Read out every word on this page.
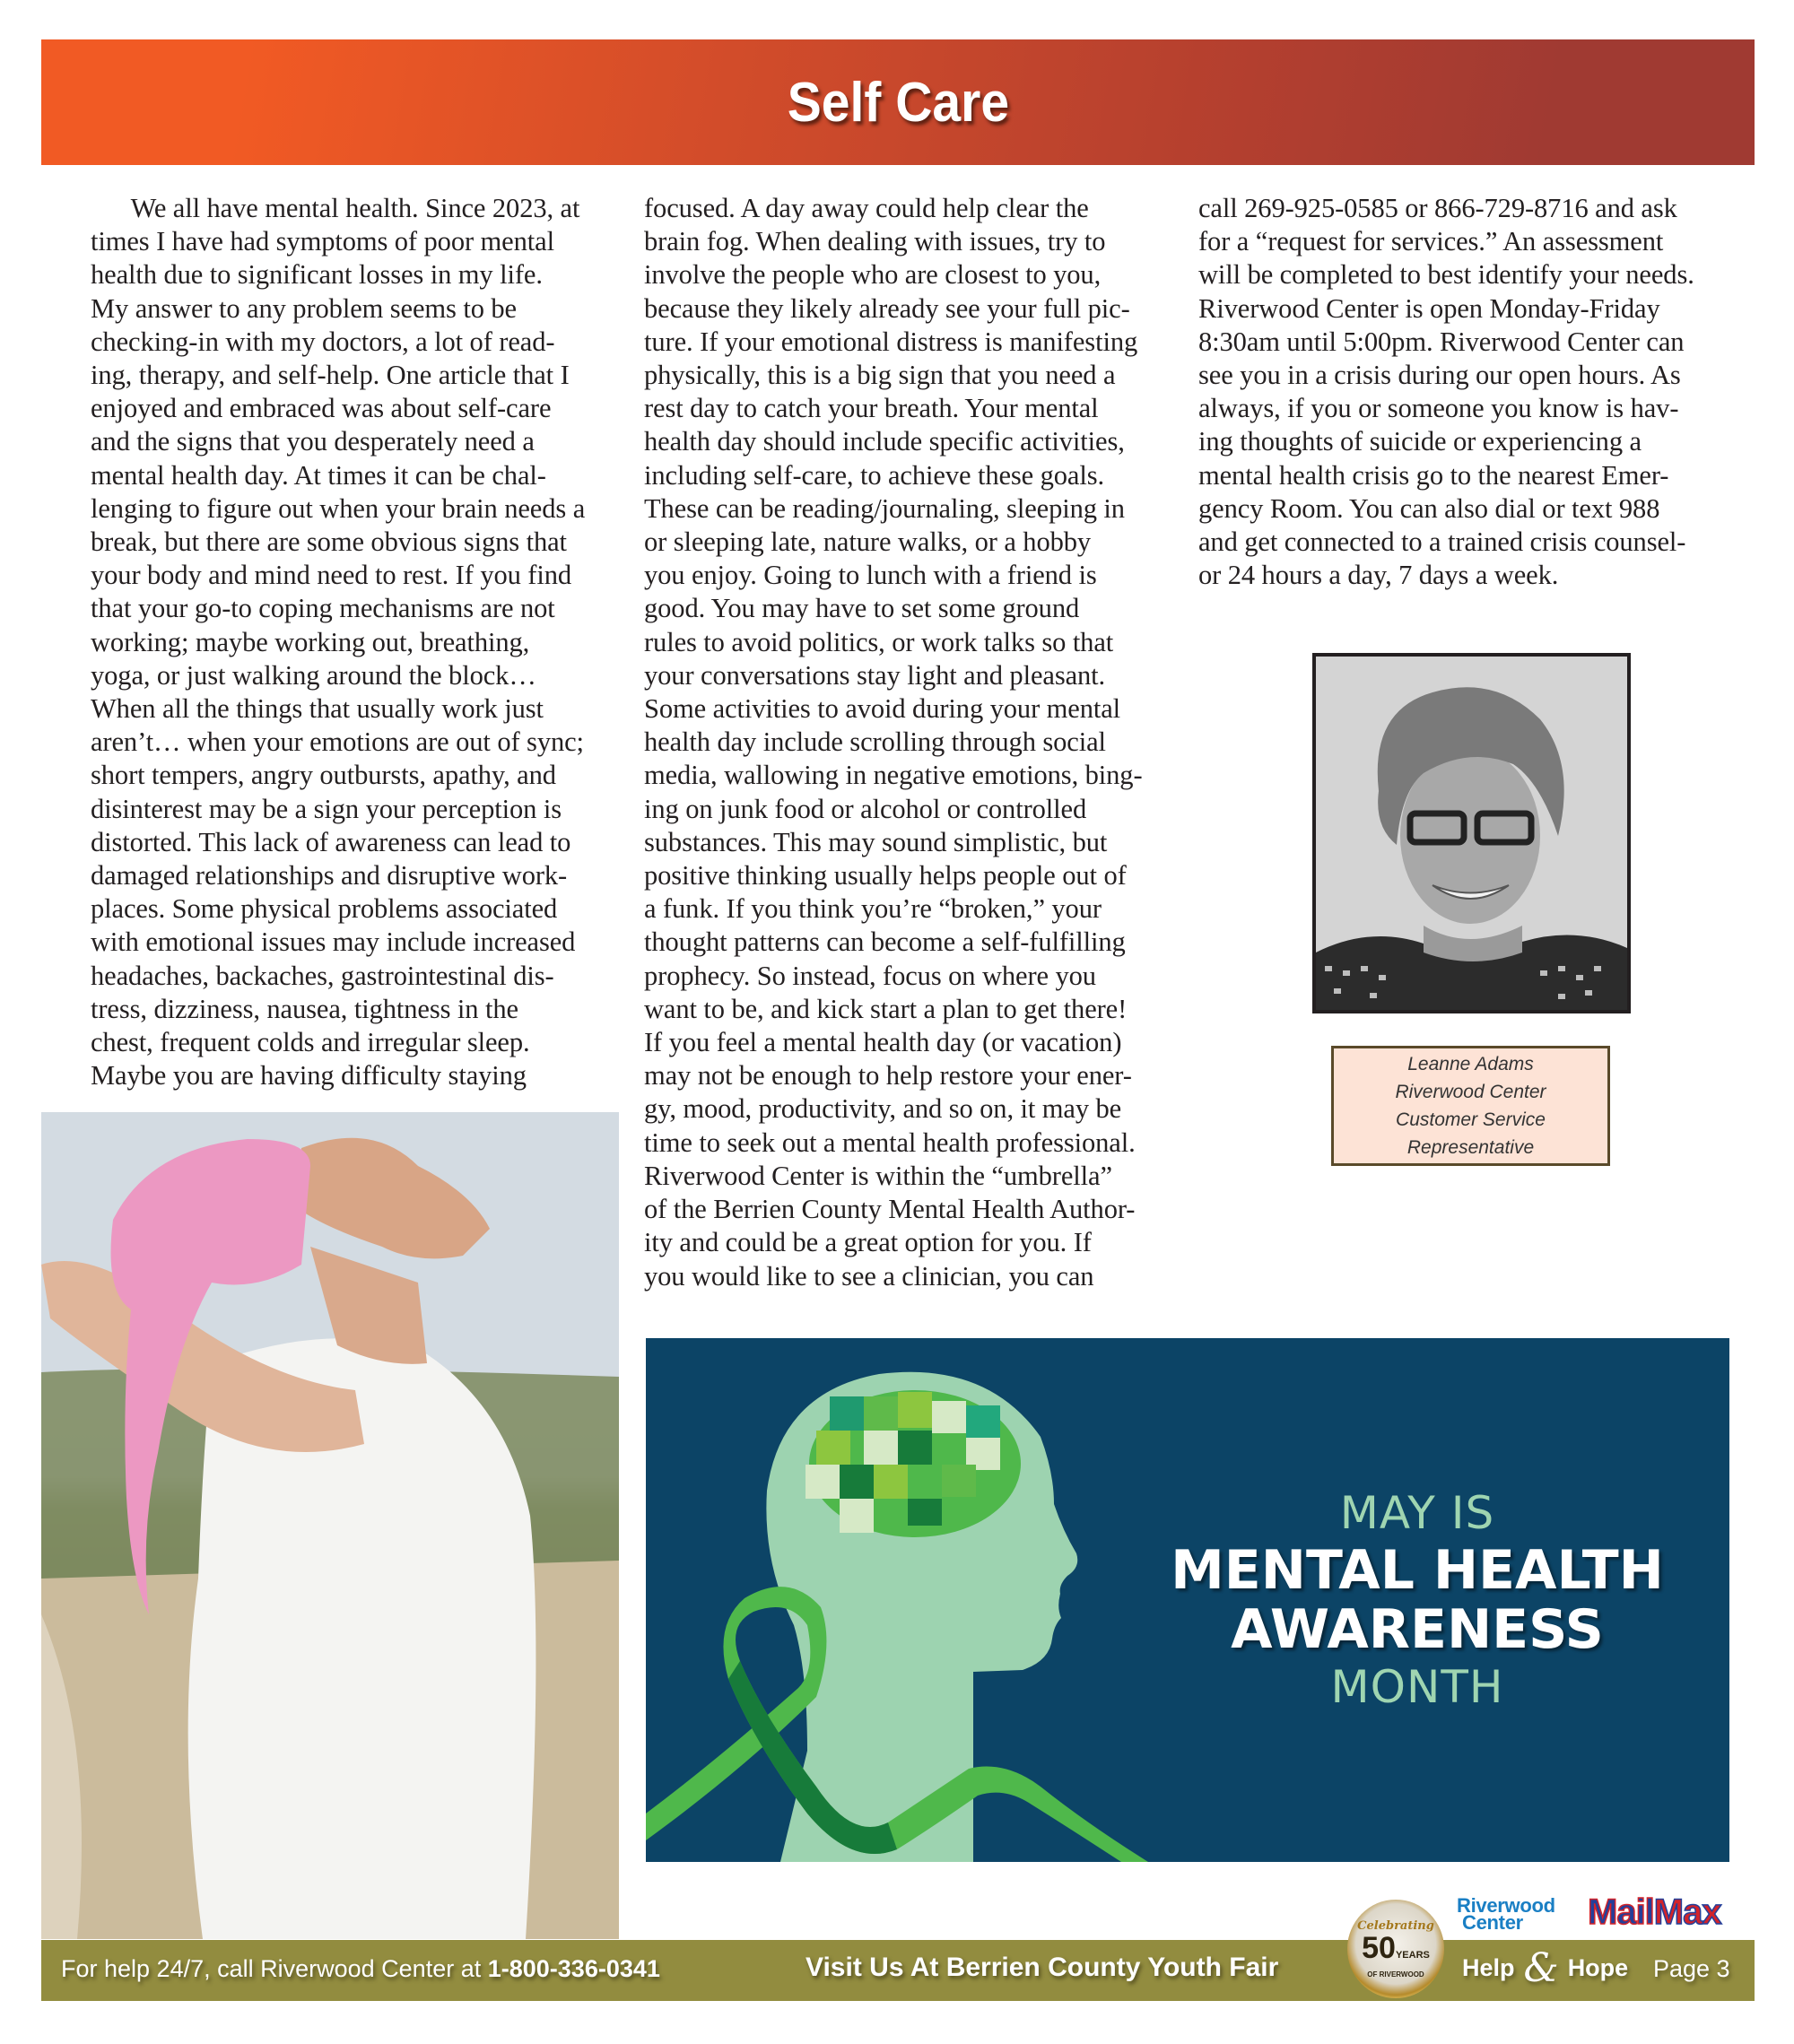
Self Care
We all have mental health. Since 2023, at
times I have had symptoms of poor mental
health due to significant losses in my life.
My answer to any problem seems to be
checking-in with my doctors, a lot of read-
ing, therapy, and self-help. One article that I
enjoyed and embraced was about self-care
and the signs that you desperately need a
mental health day. At times it can be chal-
lenging to figure out when your brain needs a
break, but there are some obvious signs that
your body and mind need to rest. If you find
that your go-to coping mechanisms are not
working; maybe working out, breathing,
yoga, or just walking around the block…
When all the things that usually work just
aren’t… when your emotions are out of sync;
short tempers, angry outbursts, apathy, and
disinterest may be a sign your perception is
distorted. This lack of awareness can lead to
damaged relationships and disruptive work-
places. Some physical problems associated
with emotional issues may include increased
headaches, backaches, gastrointestinal dis-
tress, dizziness, nausea, tightness in the
chest, frequent colds and irregular sleep.
Maybe you are having difficulty staying
focused. A day away could help clear the
brain fog. When dealing with issues, try to
involve the people who are closest to you,
because they likely already see your full pic-
ture. If your emotional distress is manifesting
physically, this is a big sign that you need a
rest day to catch your breath. Your mental
health day should include specific activities,
including self-care, to achieve these goals.
These can be reading/journaling, sleeping in
or sleeping late, nature walks, or a hobby
you enjoy. Going to lunch with a friend is
good. You may have to set some ground
rules to avoid politics, or work talks so that
your conversations stay light and pleasant.
Some activities to avoid during your mental
health day include scrolling through social
media, wallowing in negative emotions, bing-
ing on junk food or alcohol or controlled
substances. This may sound simplistic, but
positive thinking usually helps people out of
a funk. If you think you’re “broken,” your
thought patterns can become a self-fulfilling
prophecy. So instead, focus on where you
want to be, and kick start a plan to get there!
If you feel a mental health day (or vacation)
may not be enough to help restore your ener-
gy, mood, productivity, and so on, it may be
time to seek out a mental health professional.
Riverwood Center is within the “umbrella”
of the Berrien County Mental Health Author-
ity and could be a great option for you. If
you would like to see a clinician, you can
call 269-925-0585 or 866-729-8716 and ask
for a “request for services.” An assessment
will be completed to best identify your needs.
Riverwood Center is open Monday-Friday
8:30am until 5:00pm. Riverwood Center can
see you in a crisis during our open hours. As
always, if you or someone you know is hav-
ing thoughts of suicide or experiencing a
mental health crisis go to the nearest Emer-
gency Room. You can also dial or text 988
and get connected to a trained crisis counsel-
or 24 hours a day, 7 days a week.
Leanne Adams
Riverwood Center
Customer Service
Representative
MAY IS
MENTAL HEALTH
AWARENESS
MONTH
Riverwood
Center	MailMax
For help 24/7, call Riverwood Center at 1-800-336-0341	Visit Us At Berrien County Youth Fair	Help & Hope Page 3
Celebrating
50YEARS
OF RIVERWOOD
